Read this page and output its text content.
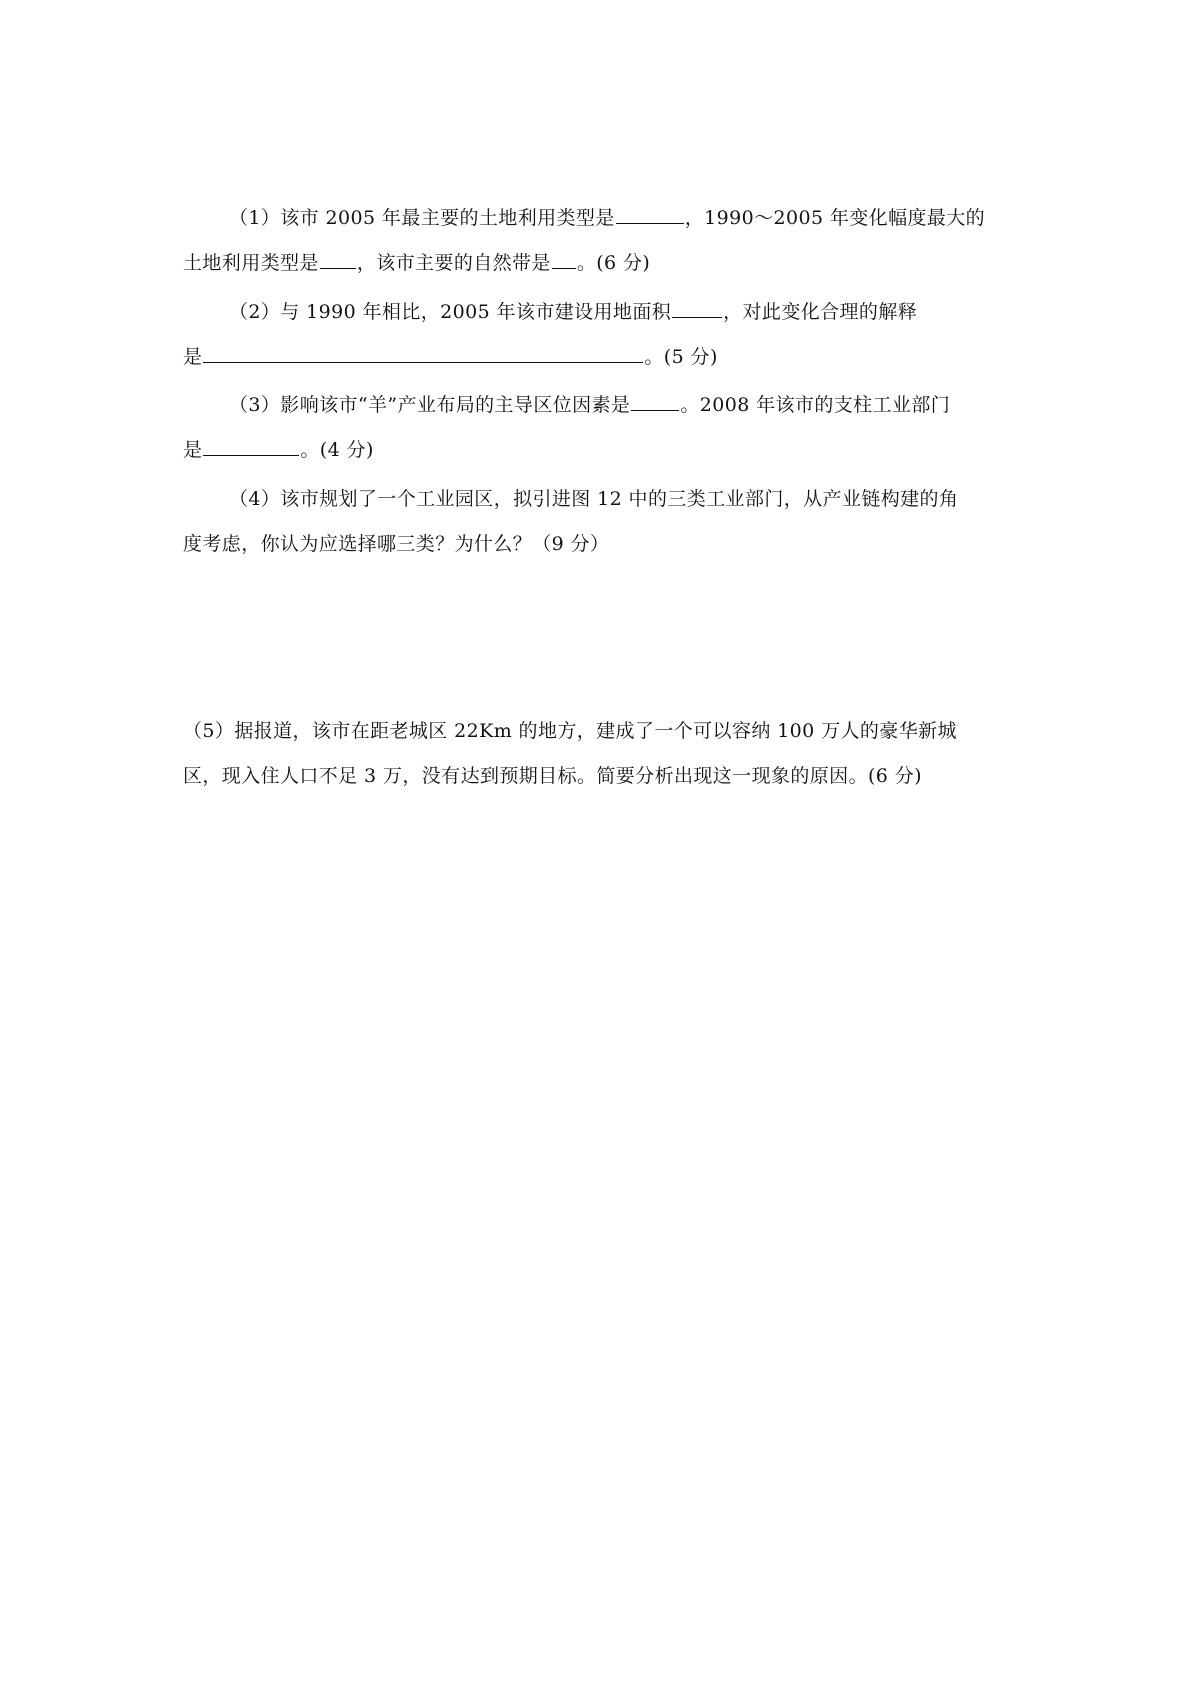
（1）该市 2005 年最主要的土地利用类型是	，1990～2005 年变化幅度最大的
土地利用类型是 ，该市主要的自然带是 。(6 分)
（2）与 1990 年相比，2005 年该市建设用地面积	，对此变化合理的解释
是	。(5 分)
（3）影响该市“羊”产业布局的主导区位因素是	。2008 年该市的支柱工业部门
是	。(4 分)
（4）该市规划了一个工业园区，拟引进图 12 中的三类工业部门，从产业链构建的角
度考虑，你认为应选择哪三类？为什么？（9 分）
（5）据报道，该市在距老城区 22Km 的地方，建成了一个可以容纳 100 万人的豪华新城
区，现入住人口不足 3 万，没有达到预期目标。简要分析出现这一现象的原因。(6 分)
